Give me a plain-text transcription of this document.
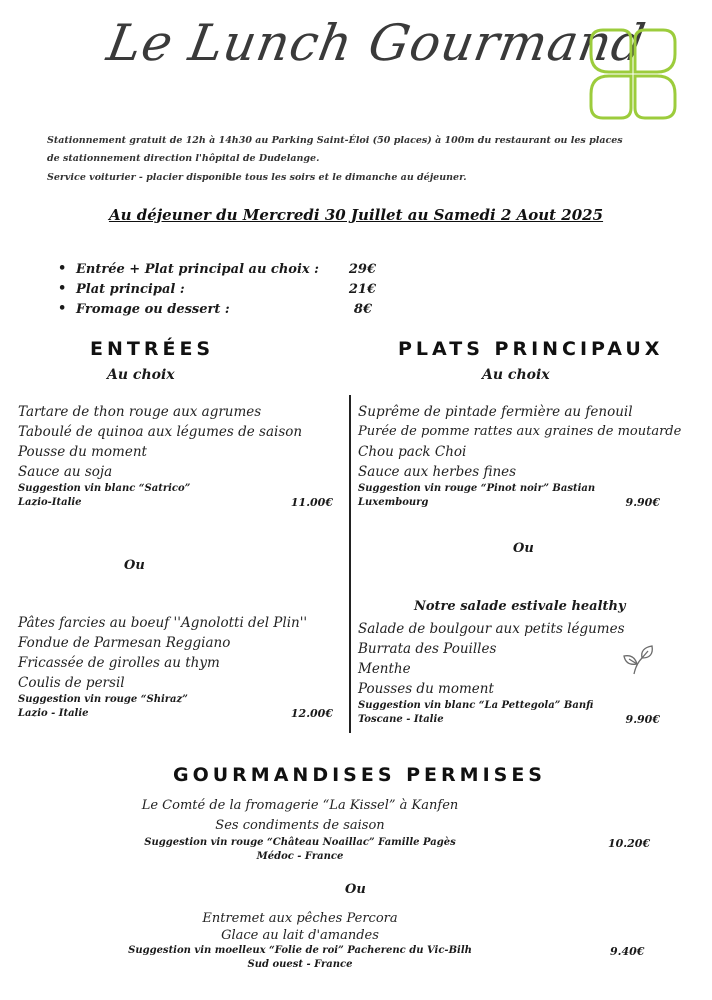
Le Lunch Gourmand
Stationnement gratuit de 12h à 14h30 au Parking Saint-Éloi (50 places) à 100m du restaurant ou les places
de stationnement direction l'hôpital de Dudelange.
Service voiturier - placier disponible tous les soirs et le dimanche au déjeuner.
Au déjeuner du Mercredi 30 Juillet au Samedi 2 Aout 2025
• Entrée + Plat principal au choix :	29€
• Plat principal :	21€
• Fromage ou dessert :	8€
ENTRÉES
Au choix
Tartare de thon rouge aux agrumes
Taboulé de quinoa aux légumes de saison
Pousse du moment
Sauce au soja
Suggestion vin blanc “Satrico”
Lazio-Italie	11.00€
Ou
Pâtes farcies au boeuf ''Agnolotti del Plin''
Fondue de Parmesan Reggiano
Fricassée de girolles au thym
Coulis de persil
Suggestion vin rouge “Shiraz”
Lazio - Italie	12.00€
PLATS PRINCIPAUX
Au choix
Suprême de pintade fermière au fenouil
Purée de pomme rattes aux graines de moutarde
Chou pack Choi
Sauce aux herbes fines
Suggestion vin rouge “Pinot noir” Bastian
Luxembourg	9.90€
Ou
Notre salade estivale healthy
Salade de boulgour aux petits légumes
Burrata des Pouilles
Menthe
Pousses du moment
Suggestion vin blanc “La Pettegola” Banfi
Toscane - Italie	9.90€
GOURMANDISES PERMISES
Le Comté de la fromagerie “La Kissel” à Kanfen
Ses condiments de saison
Suggestion vin rouge “Château Noaillac” Famille Pagès
Médoc - France
10.20€
Ou
Entremet aux pêches Percora
Glace au lait d'amandes
Suggestion vin moelleux “Folie de roi” Pacherenc du Vic-Bilh
Sud ouest - France
9.40€
